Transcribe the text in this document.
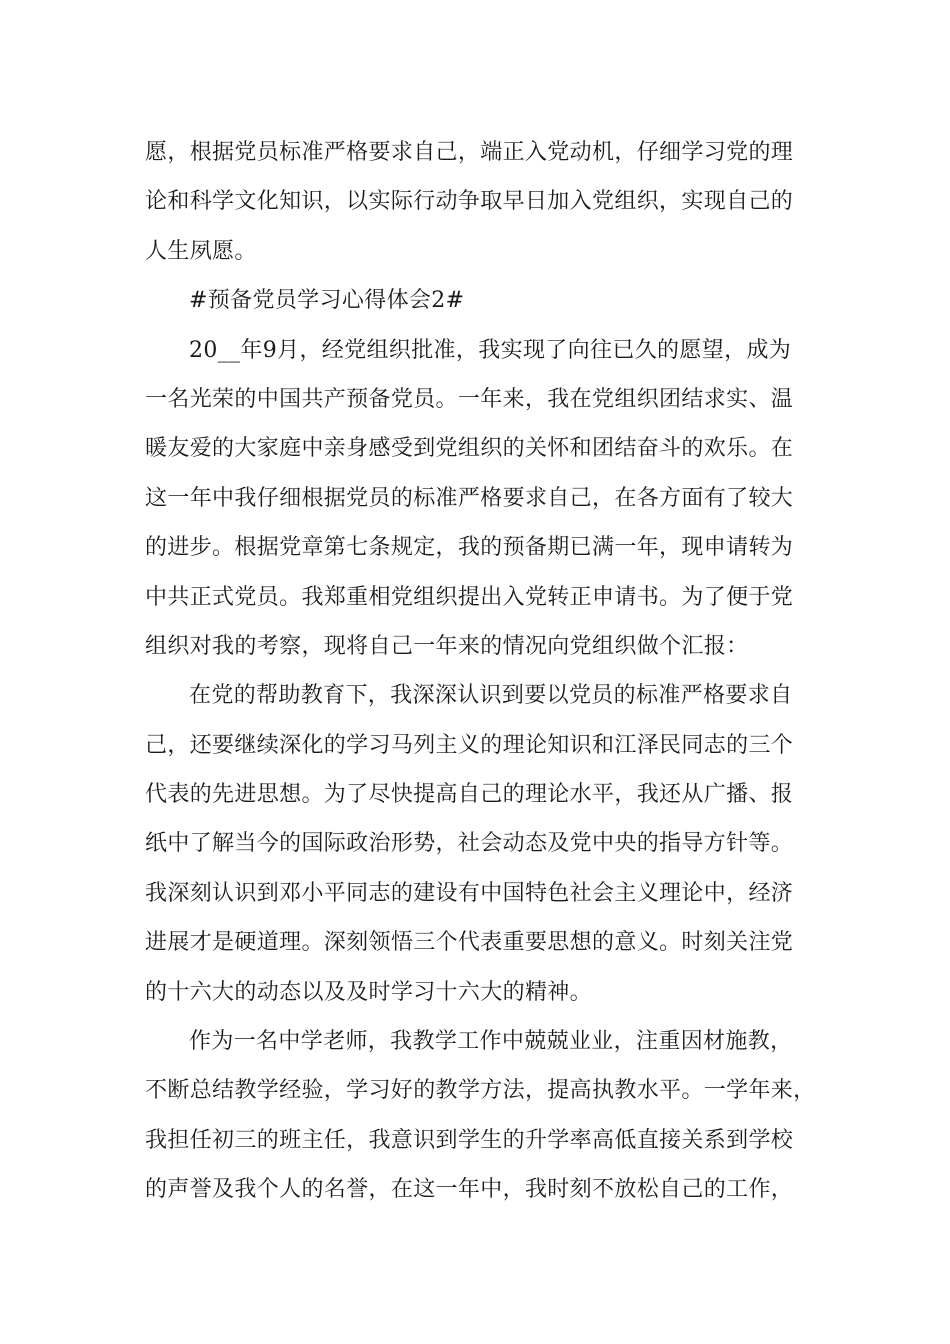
愿，根据党员标准严格要求自己，端正入党动机，仔细学习党的理
论和科学文化知识，以实际行动争取早日加入党组织，实现自己的
人生夙愿。
#预备党员学习心得体会2#
20__年9月，经党组织批准，我实现了向往已久的愿望，成为
一名光荣的中国共产预备党员。一年来，我在党组织团结求实、温
暖友爱的大家庭中亲身感受到党组织的关怀和团结奋斗的欢乐。在
这一年中我仔细根据党员的标准严格要求自己，在各方面有了较大
的进步。根据党章第七条规定，我的预备期已满一年，现申请转为
中共正式党员。我郑重相党组织提出入党转正申请书。为了便于党
组织对我的考察，现将自己一年来的情况向党组织做个汇报：
在党的帮助教育下，我深深认识到要以党员的标准严格要求自
己，还要继续深化的学习马列主义的理论知识和江泽民同志的三个
代表的先进思想。为了尽快提高自己的理论水平，我还从广播、报
纸中了解当今的国际政治形势，社会动态及党中央的指导方针等。
我深刻认识到邓小平同志的建设有中国特色社会主义理论中，经济
进展才是硬道理。深刻领悟三个代表重要思想的意义。时刻关注党
的十六大的动态以及及时学习十六大的精神。
作为一名中学老师，我教学工作中兢兢业业，注重因材施教，
不断总结教学经验，学习好的教学方法，提高执教水平。一学年来，
我担任初三的班主任，我意识到学生的升学率高低直接关系到学校
的声誉及我个人的名誉，在这一年中，我时刻不放松自己的工作，
